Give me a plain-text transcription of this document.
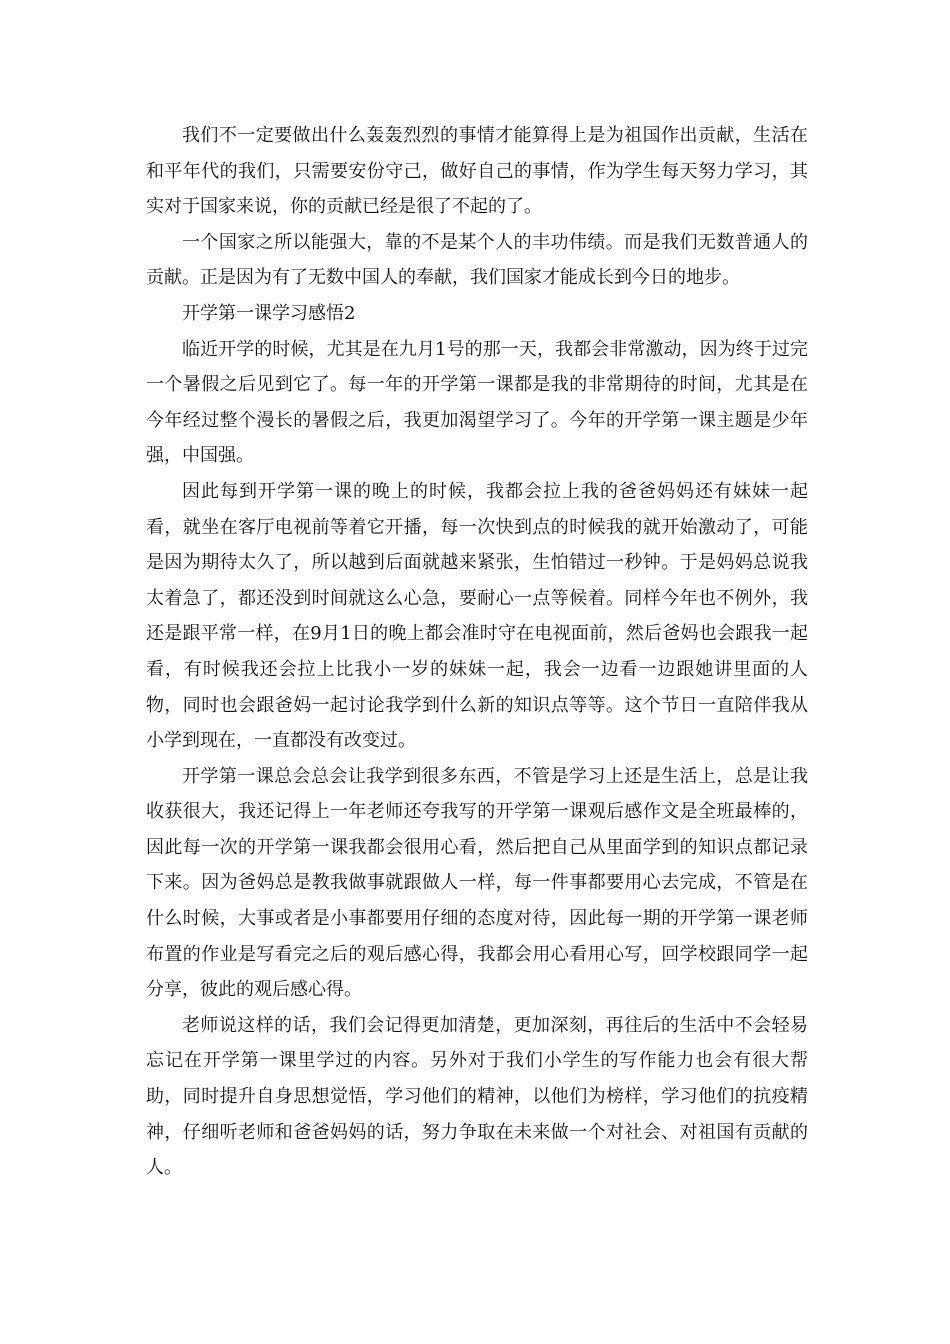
我们不一定要做出什么轰轰烈烈的事情才能算得上是为祖国作出贡献，生活在和平年代的我们，只需要安份守己，做好自己的事情，作为学生每天努力学习，其实对于国家来说，你的贡献已经是很了不起的了。

一个国家之所以能强大，靠的不是某个人的丰功伟绩。而是我们无数普通人的贡献。正是因为有了无数中国人的奉献，我们国家才能成长到今日的地步。

开学第一课学习感悟2

临近开学的时候，尤其是在九月1号的那一天，我都会非常激动，因为终于过完一个暑假之后见到它了。每一年的开学第一课都是我的非常期待的时间，尤其是在今年经过整个漫长的暑假之后，我更加渴望学习了。今年的开学第一课主题是少年强，中国强。

因此每到开学第一课的晚上的时候，我都会拉上我的爸爸妈妈还有妹妹一起看，就坐在客厅电视前等着它开播，每一次快到点的时候我的就开始激动了，可能是因为期待太久了，所以越到后面就越来紧张，生怕错过一秒钟。于是妈妈总说我太着急了，都还没到时间就这么心急，要耐心一点等候着。同样今年也不例外，我还是跟平常一样，在9月1日的晚上都会准时守在电视面前，然后爸妈也会跟我一起看，有时候我还会拉上比我小一岁的妹妹一起，我会一边看一边跟她讲里面的人物，同时也会跟爸妈一起讨论我学到什么新的知识点等等。这个节日一直陪伴我从小学到现在，一直都没有改变过。

开学第一课总会总会让我学到很多东西，不管是学习上还是生活上，总是让我收获很大，我还记得上一年老师还夸我写的开学第一课观后感作文是全班最棒的，因此每一次的开学第一课我都会很用心看，然后把自己从里面学到的知识点都记录下来。因为爸妈总是教我做事就跟做人一样，每一件事都要用心去完成，不管是在什么时候，大事或者是小事都要用仔细的态度对待，因此每一期的开学第一课老师布置的作业是写看完之后的观后感心得，我都会用心看用心写，回学校跟同学一起分享，彼此的观后感心得。

老师说这样的话，我们会记得更加清楚，更加深刻，再往后的生活中不会轻易忘记在开学第一课里学过的内容。另外对于我们小学生的写作能力也会有很大帮助，同时提升自身思想觉悟，学习他们的精神，以他们为榜样，学习他们的抗疫精神，仔细听老师和爸爸妈妈的话，努力争取在未来做一个对社会、对祖国有贡献的人。
